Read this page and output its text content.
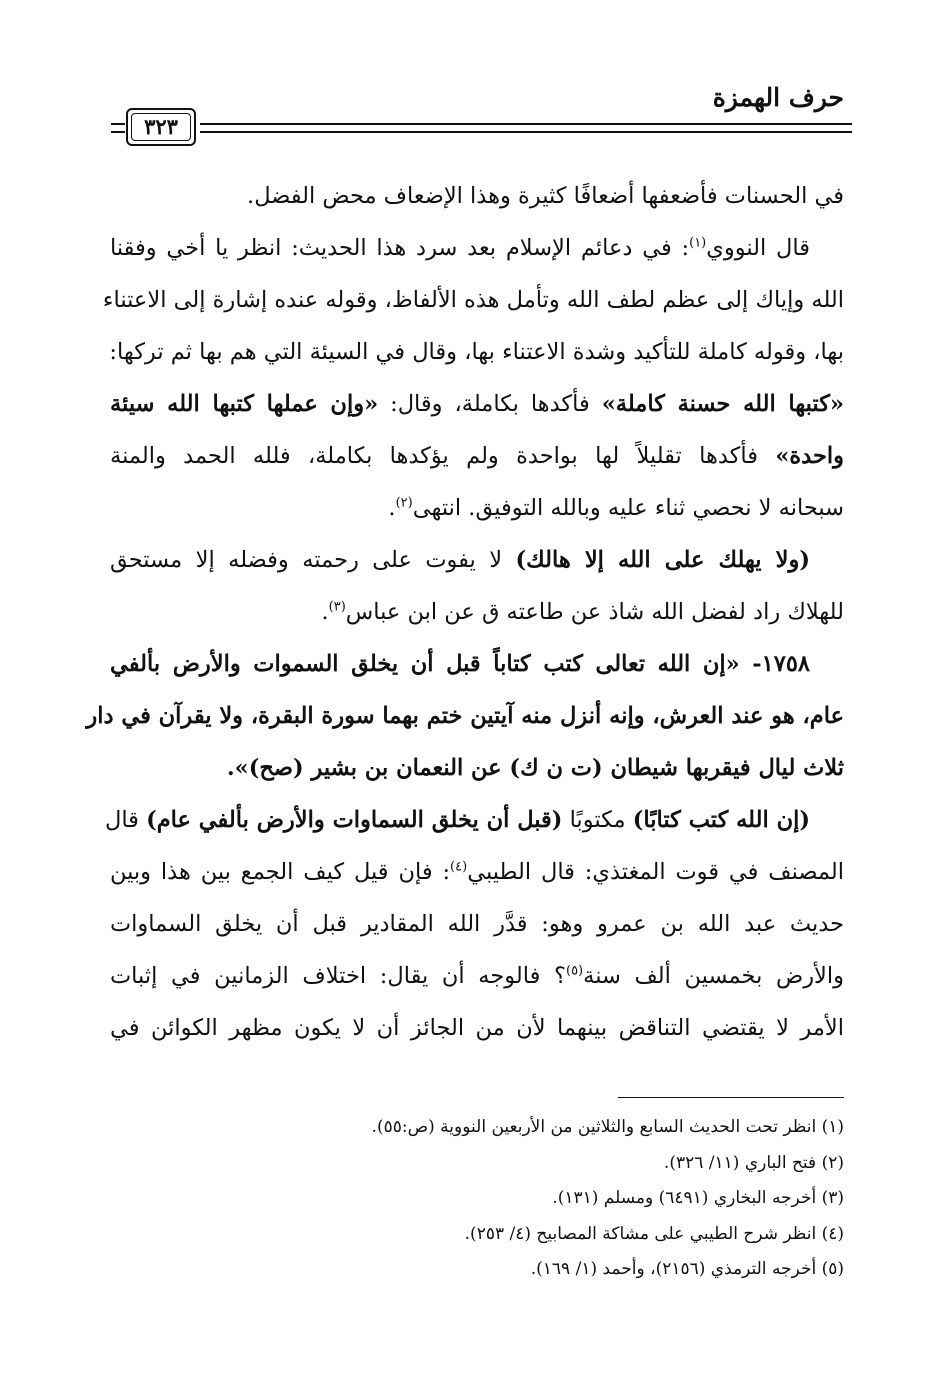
حرف الهمزة
٣٢٣
في الحسنات فأضعفها أضعافًا كثيرة وهذا الإضعاف محض الفضل.
قال النووي$^{(١)}$: في دعائم الإسلام بعد سرد هذا الحديث: انظر يا أخي وفقنا
الله وإياك إلى عظم لطف الله وتأمل هذه الألفاظ، وقوله عنده إشارة إلى الاعتناء
بها، وقوله كاملة للتأكيد وشدة الاعتناء بها، وقال في السيئة التي هم بها ثم تركها:
«كتبها الله حسنة كاملة» فأكدها بكاملة، وقال: «وإن عملها كتبها الله سيئة
واحدة» فأكدها تقليلاً لها بواحدة ولم يؤكدها بكاملة، فلله الحمد والمنة
سبحانه لا نحصي ثناء عليه وبالله التوفيق. انتهى$^{(٢)}$.
(ولا يهلك على الله إلا هالك) لا يفوت على رحمته وفضله إلا مستحق
للهلاك راد لفضل الله شاذ عن طاعته ق عن ابن عباس$^{(٣)}$.
١٧٥٨- «إن الله تعالى كتب كتاباً قبل أن يخلق السموات والأرض بألفي
عام، هو عند العرش، وإنه أنزل منه آيتين ختم بهما سورة البقرة، ولا يقرآن في دار
ثلاث ليال فيقربها شيطان (ت ن ك) عن النعمان بن بشير (صح)».
(إن الله كتب كتابًا) مكتوبًا (قبل أن يخلق السماوات والأرض بألفي عام) قال
المصنف في قوت المغتذي: قال الطيبي$^{(٤)}$: فإن قيل كيف الجمع بين هذا وبين
حديث عبد الله بن عمرو وهو: قدَّر الله المقادير قبل أن يخلق السماوات
والأرض بخمسين ألف سنة$^{(٥)}$؟ فالوجه أن يقال: اختلاف الزمانين في إثبات
الأمر لا يقتضي التناقض بينهما لأن من الجائز أن لا يكون مظهر الكوائن في
(١) انظر تحت الحديث السابع والثلاثين من الأربعين النووية (ص:٥٥).
(٢) فتح الباري (١١/ ٣٢٦).
(٣) أخرجه البخاري (٦٤٩١) ومسلم (١٣١).
(٤) انظر شرح الطيبي على مشاكة المصابيح (٤/ ٢٥٣).
(٥) أخرجه الترمذي (٢١٥٦)، وأحمد (١/ ١٦٩).
